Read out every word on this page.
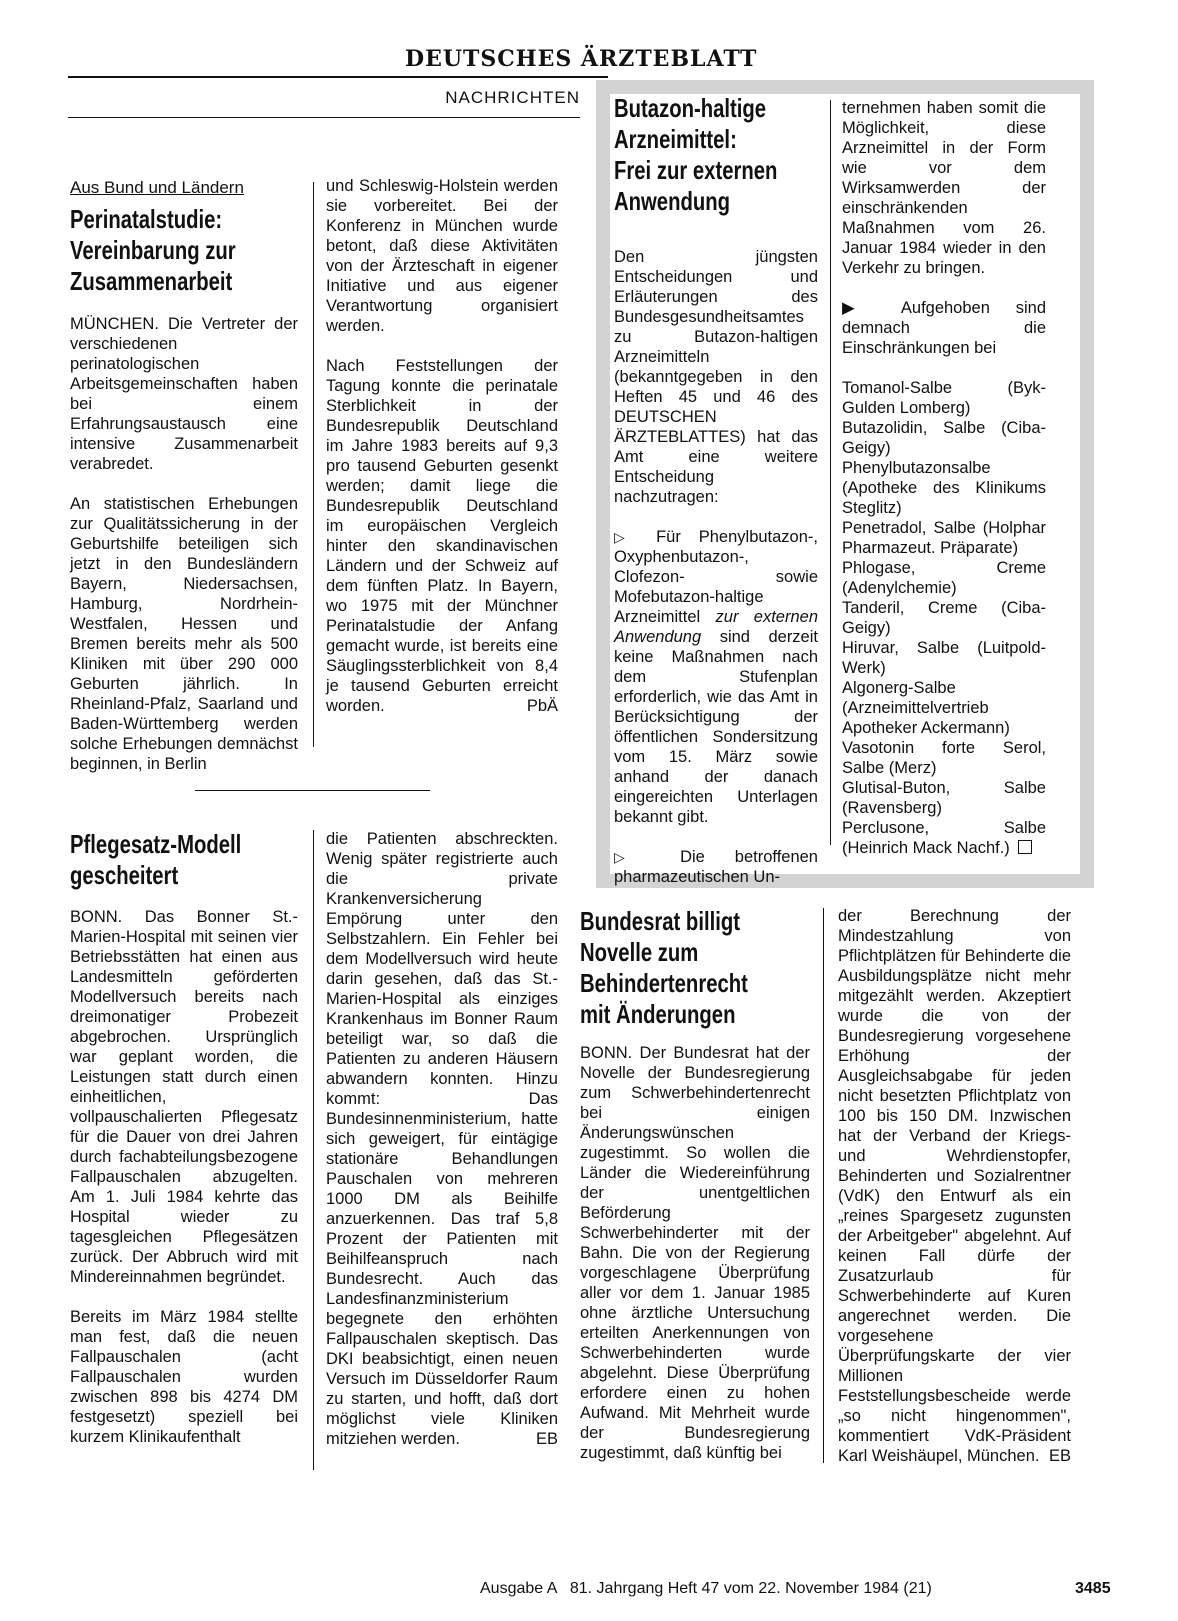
DEUTSCHES ÄRZTEBLATT
NACHRICHTEN
Aus Bund und Ländern
Perinatalstudie:
Vereinbarung zur
Zusammenarbeit

MÜNCHEN. Die Vertreter der verschiedenen perinatologischen Arbeitsgemeinschaften haben bei einem Erfahrungsaustausch eine intensive Zusammenarbeit verabredet.

An statistischen Erhebungen zur Qualitätssicherung in der Geburtshilfe beteiligen sich jetzt in den Bundesländern Bayern, Niedersachsen, Hamburg, Nordrhein-Westfalen, Hessen und Bremen bereits mehr als 500 Kliniken mit über 290 000 Geburten jährlich. In Rheinland-Pfalz, Saarland und Baden-Württemberg werden solche Erhebungen demnächst beginnen, in Berlin

und Schleswig-Holstein werden sie vorbereitet. Bei der Konferenz in München wurde betont, daß diese Aktivitäten von der Ärzteschaft in eigener Initiative und aus eigener Verantwortung organisiert werden.

Nach Feststellungen der Tagung konnte die perinatale Sterblichkeit in der Bundesrepublik Deutschland im Jahre 1983 bereits auf 9,3 pro tausend Geburten gesenkt werden; damit liege die Bundesrepublik Deutschland im europäischen Vergleich hinter den skandinavischen Ländern und der Schweiz auf dem fünften Platz. In Bayern, wo 1975 mit der Münchner Perinatalstudie der Anfang gemacht wurde, ist bereits eine Säuglingssterblichkeit von 8,4 je tausend Geburten erreicht worden.	PbÄ

Pflegesatz-Modell
gescheitert

BONN. Das Bonner St.-Marien-Hospital mit seinen vier Betriebsstätten hat einen aus Landesmitteln geförderten Modellversuch bereits nach dreimonatiger Probezeit abgebrochen. Ursprünglich war geplant worden, die Leistungen statt durch einen einheitlichen, vollpauschalierten Pflegesatz für die Dauer von drei Jahren durch fachabteilungsbezogene Fallpauschalen abzugelten. Am 1. Juli 1984 kehrte das Hospital wieder zu tagesgleichen Pflegesätzen zurück. Der Abbruch wird mit Mindereinnahmen begründet.

Bereits im März 1984 stellte man fest, daß die neuen Fallpauschalen (acht Fallpauschalen wurden zwischen 898 bis 4274 DM festgesetzt) speziell bei kurzem Klinikaufenthalt

die Patienten abschreckten. Wenig später registrierte auch die private Krankenversicherung Empörung unter den Selbstzahlern. Ein Fehler bei dem Modellversuch wird heute darin gesehen, daß das St.-Marien-Hospital als einziges Krankenhaus im Bonner Raum beteiligt war, so daß die Patienten zu anderen Häusern abwandern konnten. Hinzu kommt: Das Bundesinnenministerium, hatte sich geweigert, für eintägige stationäre Behandlungen Pauschalen von mehreren 1000 DM als Beihilfe anzuerkennen. Das traf 5,8 Prozent der Patienten mit Beihilfeanspruch nach Bundesrecht. Auch das Landesfinanzministerium begegnete den erhöhten Fallpauschalen skeptisch. Das DKI beabsichtigt, einen neuen Versuch im Düsseldorfer Raum zu starten, und hofft, daß dort möglichst viele Kliniken mitziehen werden.	EB

Butazon-haltige
Arzneimittel:
Frei zur externen
Anwendung

Den jüngsten Entscheidungen und Erläuterungen des Bundesgesundheitsamtes zu Butazon-haltigen Arzneimitteln (bekanntgegeben in den Heften 45 und 46 des DEUTSCHEN ÄRZTEBLATTES) hat das Amt eine weitere Entscheidung nachzutragen:

▷ Für Phenylbutazon-, Oxyphenbutazon-, Clofezon- sowie Mofebutazon-haltige Arzneimittel zur externen Anwendung sind derzeit keine Maßnahmen nach dem Stufenplan erforderlich, wie das Amt in Berücksichtigung der öffentlichen Sondersitzung vom 15. März sowie anhand der danach eingereichten Unterlagen bekannt gibt.

▷ Die betroffenen pharmazeutischen Un-

ternehmen haben somit die Möglichkeit, diese Arzneimittel in der Form wie vor dem Wirksamwerden der einschränkenden Maßnahmen vom 26. Januar 1984 wieder in den Verkehr zu bringen.

▶ Aufgehoben sind demnach die Einschränkungen bei

Tomanol-Salbe (Byk-Gulden Lomberg)
Butazolidin, Salbe (Ciba-Geigy)
Phenylbutazonsalbe (Apotheke des Klinikums Steglitz)
Penetradol, Salbe (Holphar Pharmazeut. Präparate)
Phlogase, Creme (Adenylchemie)
Tanderil, Creme (Ciba-Geigy)
Hiruvar, Salbe (Luitpold-Werk)
Algonerg-Salbe (Arzneimittelvertrieb Apotheker Ackermann)
Vasotonin forte Serol, Salbe (Merz)
Glutisal-Buton, Salbe (Ravensberg)
Perclusone, Salbe (Heinrich Mack Nachf.)
Bundesrat billigt
Novelle zum
Behindertenrecht
mit Änderungen

BONN. Der Bundesrat hat der Novelle der Bundesregierung zum Schwerbehindertenrecht bei einigen Änderungswünschen zugestimmt. So wollen die Länder die Wiedereinführung der unentgeltlichen Beförderung Schwerbehinderter mit der Bahn. Die von der Regierung vorgeschlagene Überprüfung aller vor dem 1. Januar 1985 ohne ärztliche Untersuchung erteilten Anerkennungen von Schwerbehinderten wurde abgelehnt. Diese Überprüfung erfordere einen zu hohen Aufwand. Mit Mehrheit wurde der Bundesregierung zugestimmt, daß künftig bei

der Berechnung der Mindestzahlung von Pflichtplätzen für Behinderte die Ausbildungsplätze nicht mehr mitgezählt werden. Akzeptiert wurde die von der Bundesregierung vorgesehene Erhöhung der Ausgleichsabgabe für jeden nicht besetzten Pflichtplatz von 100 bis 150 DM. Inzwischen hat der Verband der Kriegs- und Wehrdienstopfer, Behinderten und Sozialrentner (VdK) den Entwurf als ein „reines Spargesetz zugunsten der Arbeitgeber" abgelehnt. Auf keinen Fall dürfe der Zusatzurlaub für Schwerbehinderte auf Kuren angerechnet werden. Die vorgesehene Überprüfungskarte der vier Millionen Feststellungsbescheide werde „so nicht hingenommen", kommentiert VdK-Präsident Karl Weishäupel, München. EB

Ausgabe A   81. Jahrgang Heft 47 vom 22. November 1984 (21)	3485
